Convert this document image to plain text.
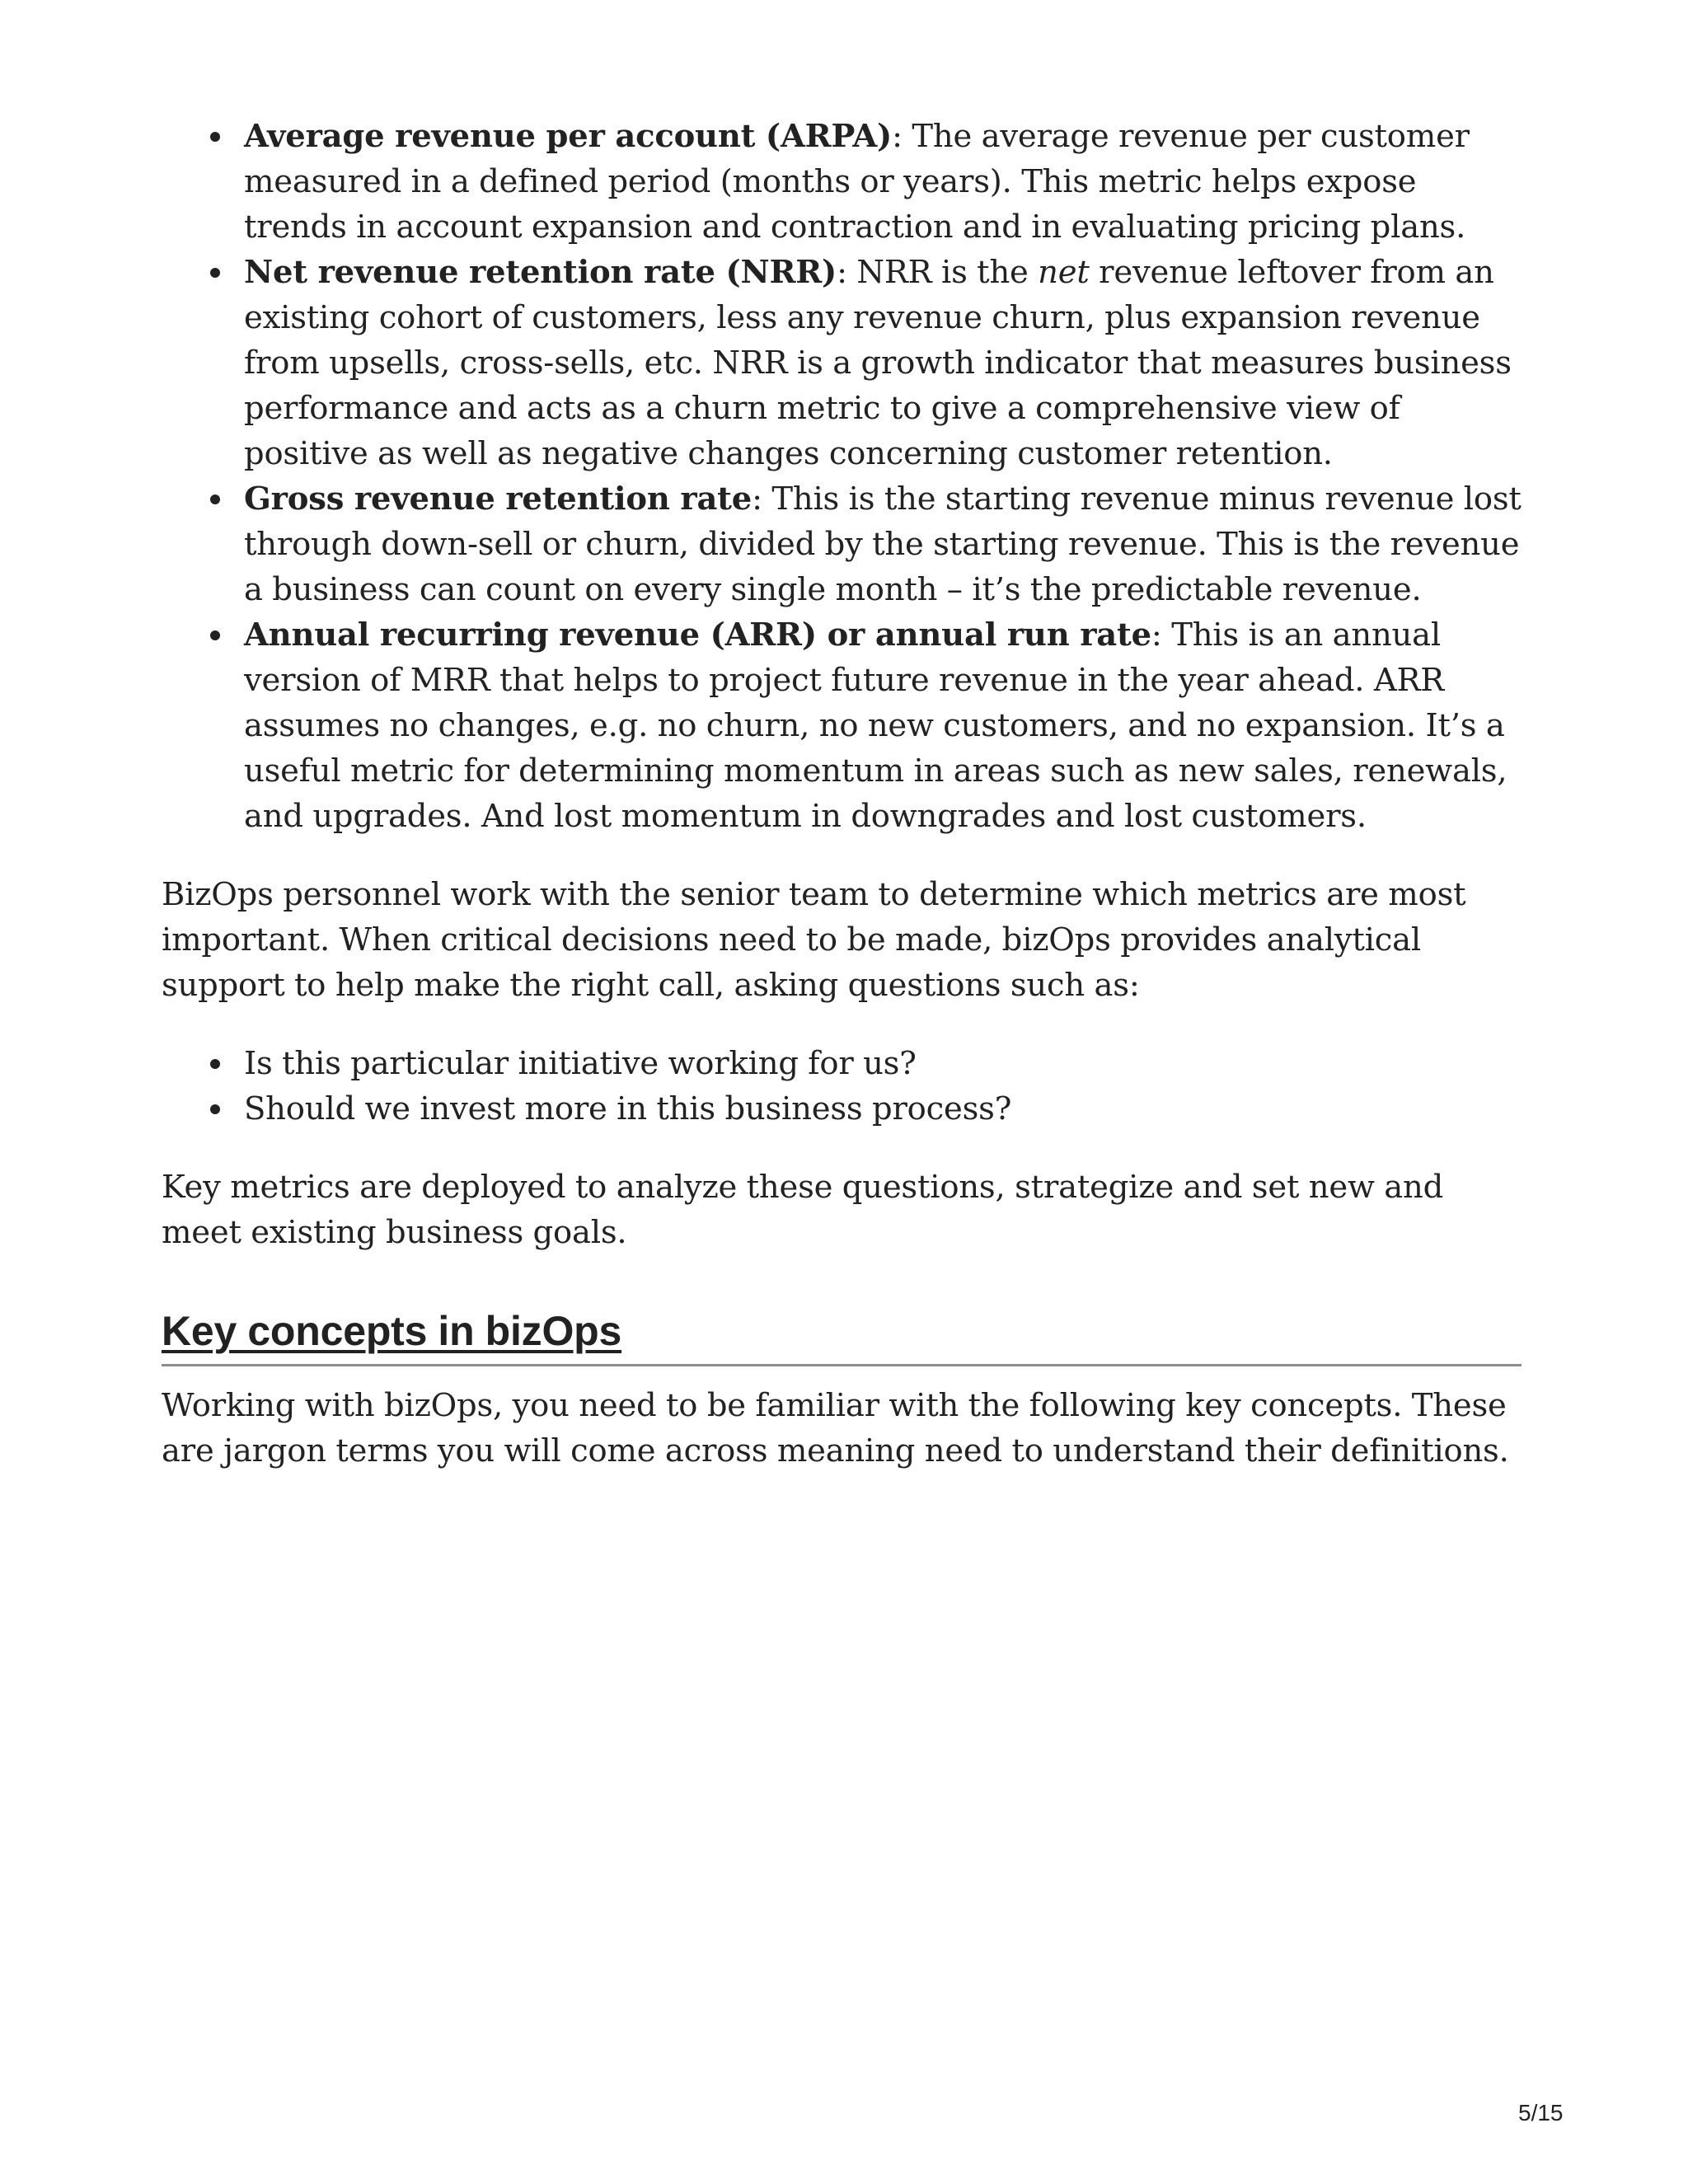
Average revenue per account (ARPA): The average revenue per customer measured in a defined period (months or years). This metric helps expose trends in account expansion and contraction and in evaluating pricing plans.
Net revenue retention rate (NRR): NRR is the net revenue leftover from an existing cohort of customers, less any revenue churn, plus expansion revenue from upsells, cross-sells, etc. NRR is a growth indicator that measures business performance and acts as a churn metric to give a comprehensive view of positive as well as negative changes concerning customer retention.
Gross revenue retention rate: This is the starting revenue minus revenue lost through down-sell or churn, divided by the starting revenue. This is the revenue a business can count on every single month – it’s the predictable revenue.
Annual recurring revenue (ARR) or annual run rate: This is an annual version of MRR that helps to project future revenue in the year ahead. ARR assumes no changes, e.g. no churn, no new customers, and no expansion. It’s a useful metric for determining momentum in areas such as new sales, renewals, and upgrades. And lost momentum in downgrades and lost customers.

BizOps personnel work with the senior team to determine which metrics are most important. When critical decisions need to be made, bizOps provides analytical support to help make the right call, asking questions such as:

Is this particular initiative working for us?
Should we invest more in this business process?

Key metrics are deployed to analyze these questions, strategize and set new and meet existing business goals.

Key concepts in bizOps

Working with bizOps, you need to be familiar with the following key concepts. These are jargon terms you will come across meaning need to understand their definitions.

5/15
